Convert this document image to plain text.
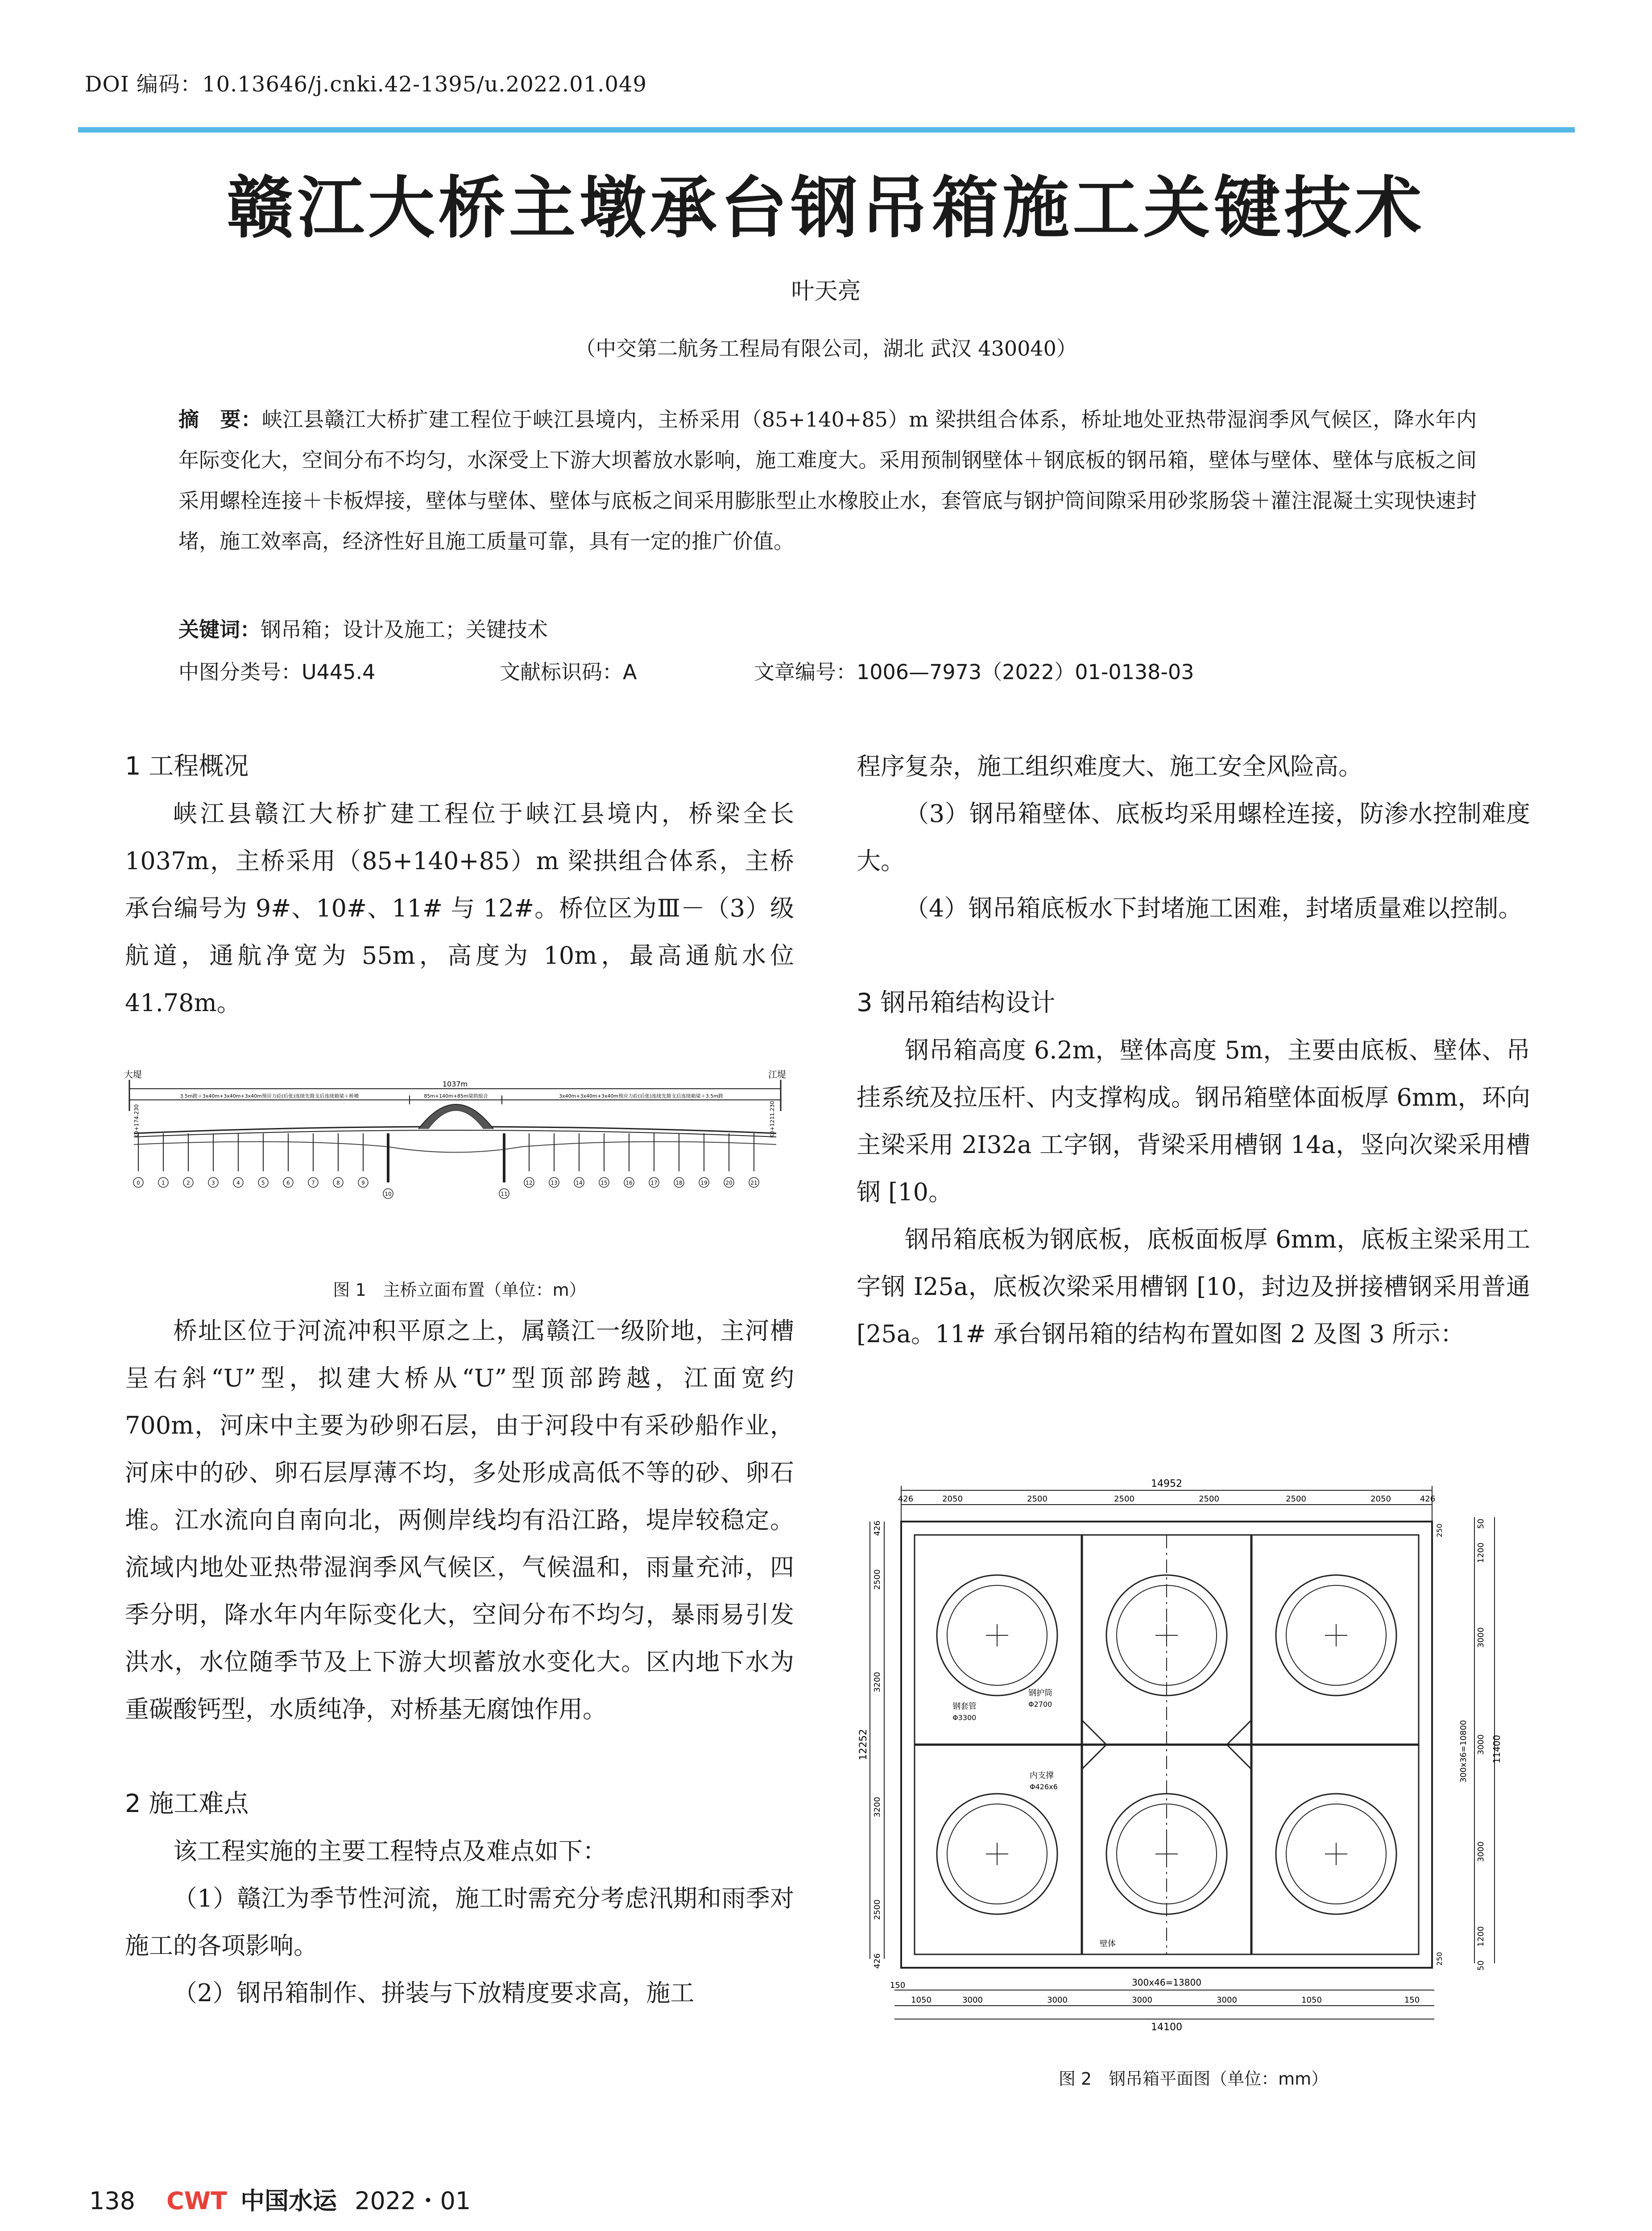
DOI 编码：10.13646/j.cnki.42-1395/u.2022.01.049
赣江大桥主墩承台钢吊箱施工关键技术
叶天亮
（中交第二航务工程局有限公司，湖北 武汉 430040）
摘　要：峡江县赣江大桥扩建工程位于峡江县境内，主桥采用（85+140+85）m 梁拱组合体系，桥址地处亚热带湿润季风气候区，降水年内年际变化大，空间分布不均匀，水深受上下游大坝蓄放水影响，施工难度大。采用预制钢壁体＋钢底板的钢吊箱，壁体与壁体、壁体与底板之间采用螺栓连接＋卡板焊接，壁体与壁体、壁体与底板之间采用膨胀型止水橡胶止水，套管底与钢护筒间隙采用砂浆肠袋＋灌注混凝土实现快速封堵，施工效率高，经济性好且施工质量可靠，具有一定的推广价值。
关键词：钢吊箱；设计及施工；关键技术
中图分类号：U445.4	文献标识码：A	文章编号：1006—7973（2022）01-0138-03

1 工程概况

峡江县赣江大桥扩建工程位于峡江县境内，桥梁全长 1037m，主桥采用（85+140+85）m 梁拱组合体系，主桥承台编号为 9#、10#、11# 与 12#。桥位区为Ⅲ－（3）级航道，通航净宽为 55m，高度为 10m，最高通航水位 41.78m。

大堤	江堤
1037m
3.5m跨＋3x40m+3x40m+3x40m预应力砼(后张)连续先简支后连续箱梁＋桥墩	85m+140m+85m梁拱组合	3x40m+3x40m+3x40m预应力砼(后张)连续先简支后连续箱梁＋3.5m跨
K0+174.230	K0+1211.230
0	1	2	3	4	5	6	7	8	9
10	11
12	13	14	15	16	17	18	19	20	21
图 1　主桥立面布置（单位：m）

桥址区位于河流冲积平原之上，属赣江一级阶地，主河槽呈右斜“U”型，拟建大桥从“U”型顶部跨越，江面宽约 700m，河床中主要为砂卵石层，由于河段中有采砂船作业，河床中的砂、卵石层厚薄不均，多处形成高低不等的砂、卵石堆。江水流向自南向北，两侧岸线均有沿江路，堤岸较稳定。流域内地处亚热带湿润季风气候区，气候温和，雨量充沛，四季分明，降水年内年际变化大，空间分布不均匀，暴雨易引发洪水，水位随季节及上下游大坝蓄放水变化大。区内地下水为重碳酸钙型，水质纯净，对桥基无腐蚀作用。

2 施工难点

该工程实施的主要工程特点及难点如下：

（1）赣江为季节性河流，施工时需充分考虑汛期和雨季对施工的各项影响。

（2）钢吊箱制作、拼装与下放精度要求高，施工

程序复杂，施工组织难度大、施工安全风险高。

（3）钢吊箱壁体、底板均采用螺栓连接，防渗水控制难度大。

（4）钢吊箱底板水下封堵施工困难，封堵质量难以控制。

3 钢吊箱结构设计

钢吊箱高度 6.2m，壁体高度 5m，主要由底板、壁体、吊挂系统及拉压杆、内支撑构成。钢吊箱壁体面板厚 6mm，环向主梁采用 2I32a 工字钢，背梁采用槽钢 14a，竖向次梁采用槽钢 [10。

钢吊箱底板为钢底板，底板面板厚 6mm，底板主梁采用工字钢 I25a，底板次梁采用槽钢 [10，封边及拼接槽钢采用普通 [25a。11# 承台钢吊箱的结构布置如图 2 及图 3 所示：

14952
426	2050	2500	2500	2500	2500	2050	426
12252
426
2500
3200
3200
2500
426
50
1200
3000
3000
3000
1200
50
250
250
300x36=10800	11400
300x46=13800
150
1050	3000	3000	3000	3000	1050	150
14100
钢套管
Φ3300
钢护筒
Φ2700
内支撑
Φ426x6
壁体
图 2　钢吊箱平面图（单位：mm）
138 CWT 中国水运 2022・01
